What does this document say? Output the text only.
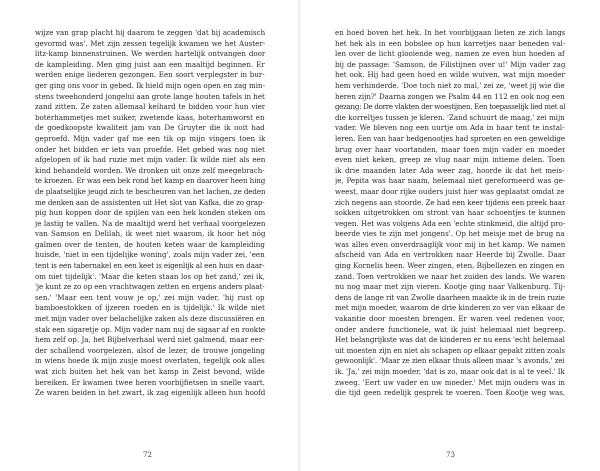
wijze van grap placht hij daarom te zeggen 'dat hij academisch
gevormd was'. Met zijn zessen tegelijk kwamen we het Auster-
litz-kamp binnenstruinen. We werden hartelijk ontvangen door
de kampleiding. Men ging juist aan een maaltijd beginnen. Er
werden enige liederen gezongen. Een soort verplegster in bur-
ger ging ons voor in gebed. Ik hield mijn ogen open en zag min-
stens tweehonderd jongelui aan grote lange houten tafels in het
zand zitten. Ze zaten allemaal keihard te bidden voor hun vier
boterhammetjes met suiker, zwetende kaas, boterhamworst en
de goedkoopste kwaliteit jam van De Gruyter die ik ooit had
geproefd. Mijn vader gaf me een tik op mijn vingers toen ik
onder het bidden er iets van proefde. Het gebed was nog niet
afgelopen of ik had ruzie met mijn vader. Ik wilde niet als een
kind behandeld worden. We dronken uit onze zelf meegebrach-
te kroezen. Er was een bek rond het kamp en daarover heen hing
de plaatselijke jeugd zich te bescheuren van het lachen, ze deden
me denken aan de assistenten uit Het slot van Kafka, die zo grap-
pig hun koppen door de spijlen van een hek konden steken om
je lastig te vallen. Na de maaltijd werd het verhaal voorgelezen
van Samson en Delilah, ik weet niet waarom, ik hoor het nóg
galmen over de tenten, de houten keten waar de kampleiding
huisde, 'niet in een tijdelijke woning', zoals mijn vader zei, 'een
tent is een tabernakel en een keet is eigenlijk al een huis en daar-
om niet tijdelijk'. 'Maar die keten staan los op het zand,' zei ik,
'je kunt ze zo op een vrachtwagen zetten en ergens anders plaat-
sen.' 'Maar een tent vouw je op,' zei mijn vader, 'hij rust op
bamboestokken of ijzeren roeden en is tijdelijk.' Ik wilde niet
met mijn vader over belachelijke zaken als deze discussiëren en
stak een sigaretje op. Mijn vader nam nuj de sigaar af en rookte
hem zelf op. Ja, het Bijbelverhaal werd niet galmend, maar eer-
der schallend voorgelezen, alsof de lezer, de trouwe jongeling
in wiens hoede ik mijn zusje moest overlaten, tegelijk ook alles
wat zich buiten het hek van het kamp in Zeist bevond, wilde
bereiken. Er kwamen twee heren voorbijfietsen in snelle vaart.
Ze waren beiden in het zwart, ik zag eigenlijk alleen hun hoofd
72
en hoed boven het hek. In het voorbijgaan lieten ze zich langs
het hek als in een bobslee op hun karretjes naar beneden val-
len over de licht glooiende weg, namen ze even hun hoeden af
bij de passage: 'Samson, de Filistijnen over u!' Mijn vader zag
het ook. Hij had geen hoed en wilde wuiven, wat mijn moeder
hem verhinderde. 'Doe toch niet zo mal,' zei ze, 'weet jij wie die
heren zijn?' Daarna zongen we Psalm 44 en 112 en ook nog een
gezang: De dorre vlakten der woestijnen. Een toepasselijk lied met al
die korreltjes tussen je kleren. 'Zand schuurt de maag,' zei mijn
vader. We bleven nog een uurtje om Ada in haar tent te instal-
leren. Een van haar bedgenootjes had sproeten en een geweldige
brug over haar voortanden, maar toen mijn vader en moeder
even niet keken, greep ze vlug naar mijn intieme delen. Toen
ik drie maanden later Ada weer zag, hoorde ik dat het meis-
je, Pepita was haar naam, helemaal niet gereformeerd was ge-
weest, maar door rijke ouders juist hier was geplaatst omdat ze
zich negens aan stoorde. Ze had een keer tijdens een preek haar
sokken uitgetrokken om stront van haar schoentjes te kunnen
vegen. Het was volgens Ada een 'echte stinkmeid, die altijd pro-
beerde vies te zijn met jongens'. Op het meisje met de brug na
was alles even onverdraaglijk voor mij in het kamp. We namen
afscheid van Ada en vertrokken naar Heerde bij Zwolle. Daar
ging Kornelis heen. Weer zingen, eten, Bijbellezen en zingen en
zand. Toen vertrokken we naar het zuiden des lands. We waren
nu nog maar met zijn vieren. Kootje ging naar Valkenburg. Tij-
dens de lange rit van Zwolle daarheen maakte ik in de trein ruzie
met mijn moeder, waarom de drie kinderen zo ver van elkaar de
vakantie door moesten brengen. Er waren veel redenen voor,
onder andere functionele, wat ik juist helemaal niet begreep.
Het belangrijkste was dat de kinderen er nu eens 'echt helemaal
uit moesten zijn en niet als schapen op elkaar gepakt zitten zoals
gewoonlijk'. 'Maar ze zien elkaar thuis alleen maar 's avonds,' zei
ik. 'Ja,' zei mijn moeder, 'dat is zo, maar ook dat is al te veel.' Ik
zweeg. 'Eert uw vader en uw moeder.' Met mijn ouders was in
die tijd geen redelijk gesprek te voeren. Toen Kootje weg was,
73
